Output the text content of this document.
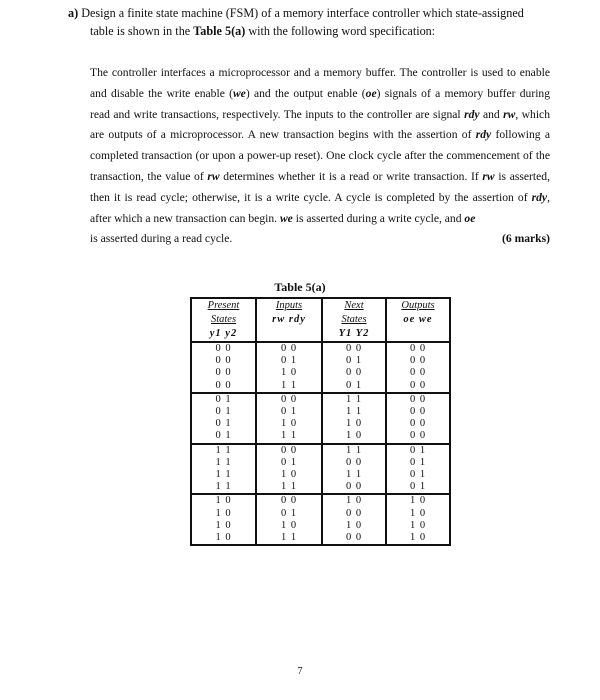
a) Design a finite state machine (FSM) of a memory interface controller which state-assigned
table is shown in the Table 5(a) with the following word specification:
The controller interfaces a microprocessor and a memory buffer. The controller is used to enable and disable the write enable (we) and the output enable (oe) signals of a memory buffer during read and write transactions, respectively. The inputs to the controller are signal rdy and rw, which are outputs of a microprocessor. A new transaction begins with the assertion of rdy following a completed transaction (or upon a power-up reset). One clock cycle after the commencement of the transaction, the value of rw determines whether it is a read or write transaction. If rw is asserted, then it is read cycle; otherwise, it is a write cycle. A cycle is completed by the assertion of rdy, after which a new transaction can begin. we is asserted during a write cycle, and oe
is asserted during a read cycle.	(6 marks)
Table 5(a)
Present	Inputs	Next	Outputs
States	rw rdy	States	oe we
y1 y2		Y1 Y2	
0 0	0 0	0 0	0 0
0 0	0 1	0 1	0 0
0 0	1 0	0 0	0 0
0 0	1 1	0 1	0 0
0 1	0 0	1 1	0 0
0 1	0 1	1 1	0 0
0 1	1 0	1 0	0 0
0 1	1 1	1 0	0 0
1 1	0 0	1 1	0 1
1 1	0 1	0 0	0 1
1 1	1 0	1 1	0 1
1 1	1 1	0 0	0 1
1 0	0 0	1 0	1 0
1 0	0 1	0 0	1 0
1 0	1 0	1 0	1 0
1 0	1 1	0 0	1 0
7
